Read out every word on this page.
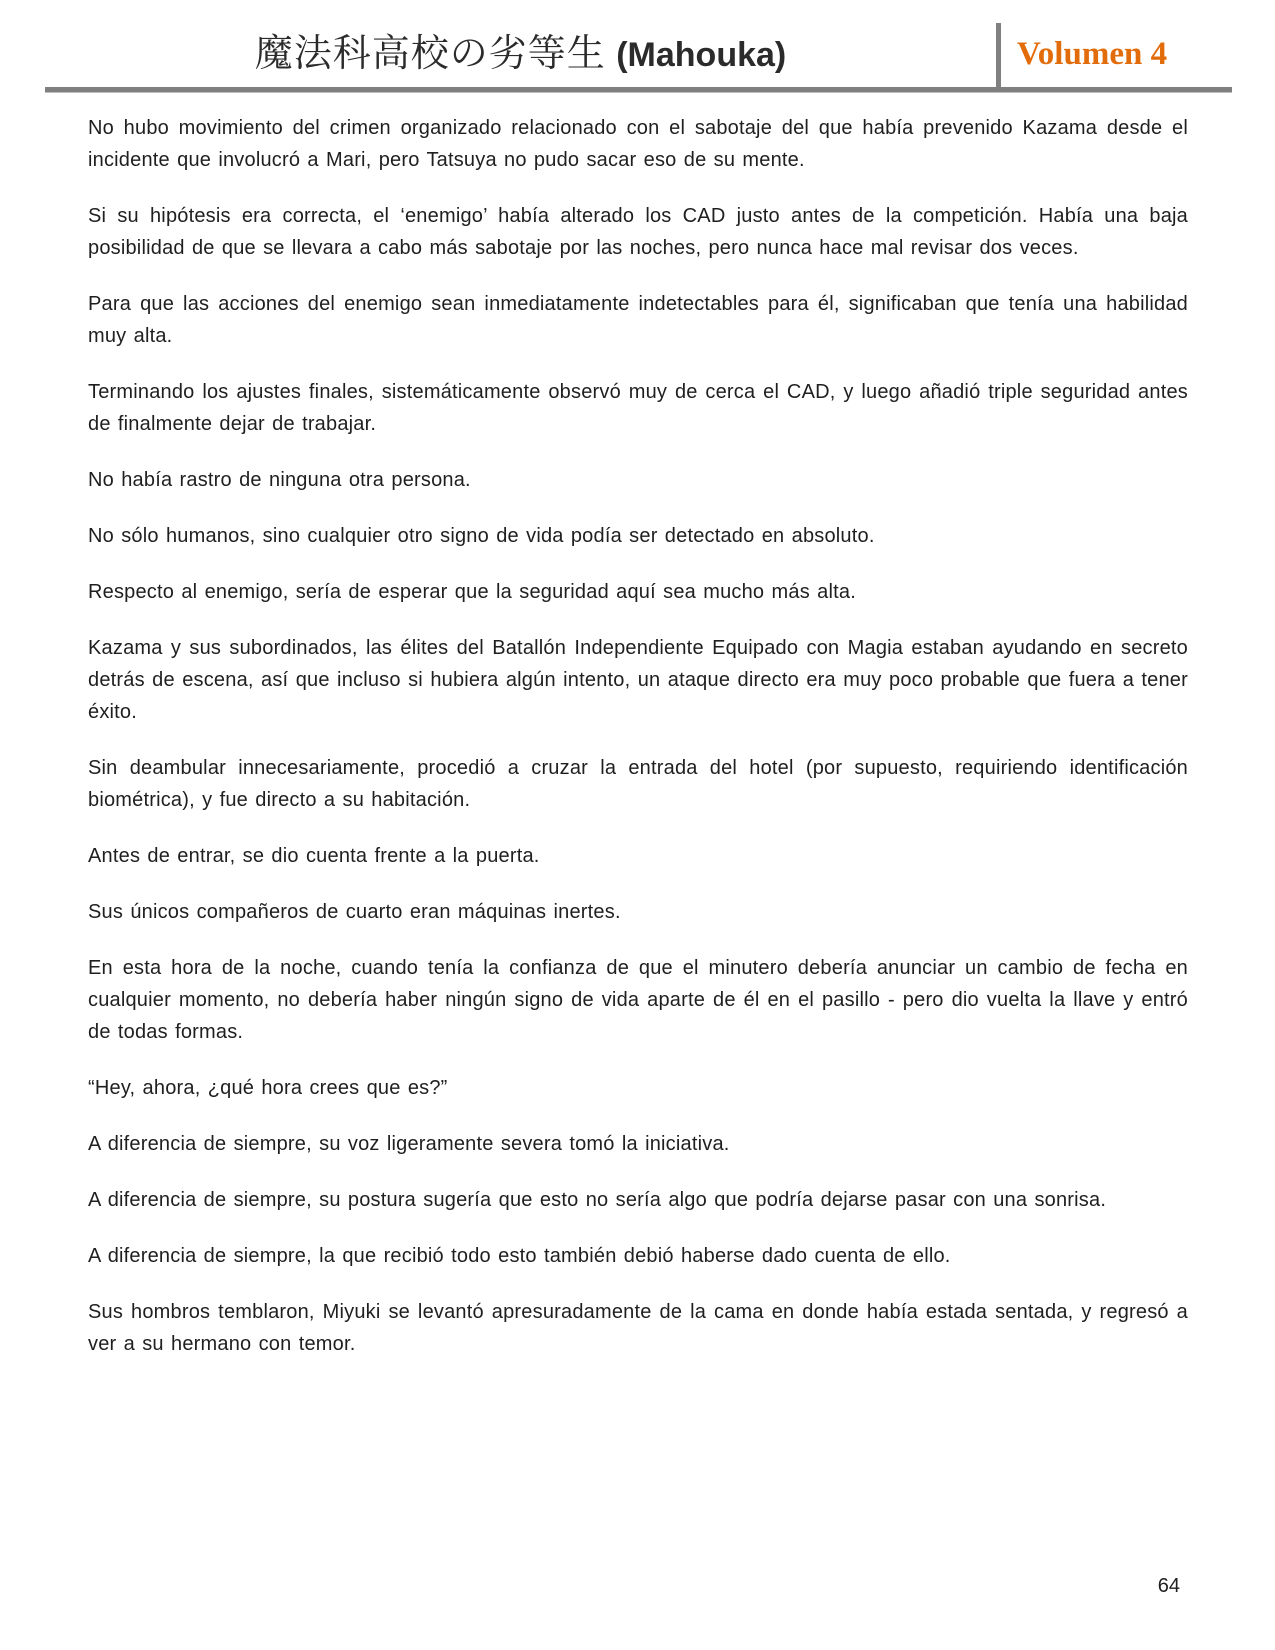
魔法科高校の劣等生 (Mahouka)	Volumen 4

No hubo movimiento del crimen organizado relacionado con el sabotaje del que había prevenido Kazama desde el incidente que involucró a Mari, pero Tatsuya no pudo sacar eso de su mente.

Si su hipótesis era correcta, el ‘enemigo’ había alterado los CAD justo antes de la competición. Había una baja posibilidad de que se llevara a cabo más sabotaje por las noches, pero nunca hace mal revisar dos veces.

Para que las acciones del enemigo sean inmediatamente indetectables para él, significaban que tenía una habilidad muy alta.

Terminando los ajustes finales, sistemáticamente observó muy de cerca el CAD, y luego añadió triple seguridad antes de finalmente dejar de trabajar.

No había rastro de ninguna otra persona.

No sólo humanos, sino cualquier otro signo de vida podía ser detectado en absoluto.

Respecto al enemigo, sería de esperar que la seguridad aquí sea mucho más alta.

Kazama y sus subordinados, las élites del Batallón Independiente Equipado con Magia estaban ayudando en secreto detrás de escena, así que incluso si hubiera algún intento, un ataque directo era muy poco probable que fuera a tener éxito.

Sin deambular innecesariamente, procedió a cruzar la entrada del hotel (por supuesto, requiriendo identificación biométrica), y fue directo a su habitación.

Antes de entrar, se dio cuenta frente a la puerta.

Sus únicos compañeros de cuarto eran máquinas inertes.

En esta hora de la noche, cuando tenía la confianza de que el minutero debería anunciar un cambio de fecha en cualquier momento, no debería haber ningún signo de vida aparte de él en el pasillo - pero dio vuelta la llave y entró de todas formas.

“Hey, ahora, ¿qué hora crees que es?”

A diferencia de siempre, su voz ligeramente severa tomó la iniciativa.

A diferencia de siempre, su postura sugería que esto no sería algo que podría dejarse pasar con una sonrisa.

A diferencia de siempre, la que recibió todo esto también debió haberse dado cuenta de ello.

Sus hombros temblaron, Miyuki se levantó apresuradamente de la cama en donde había estada sentada, y regresó a ver a su hermano con temor.

64
